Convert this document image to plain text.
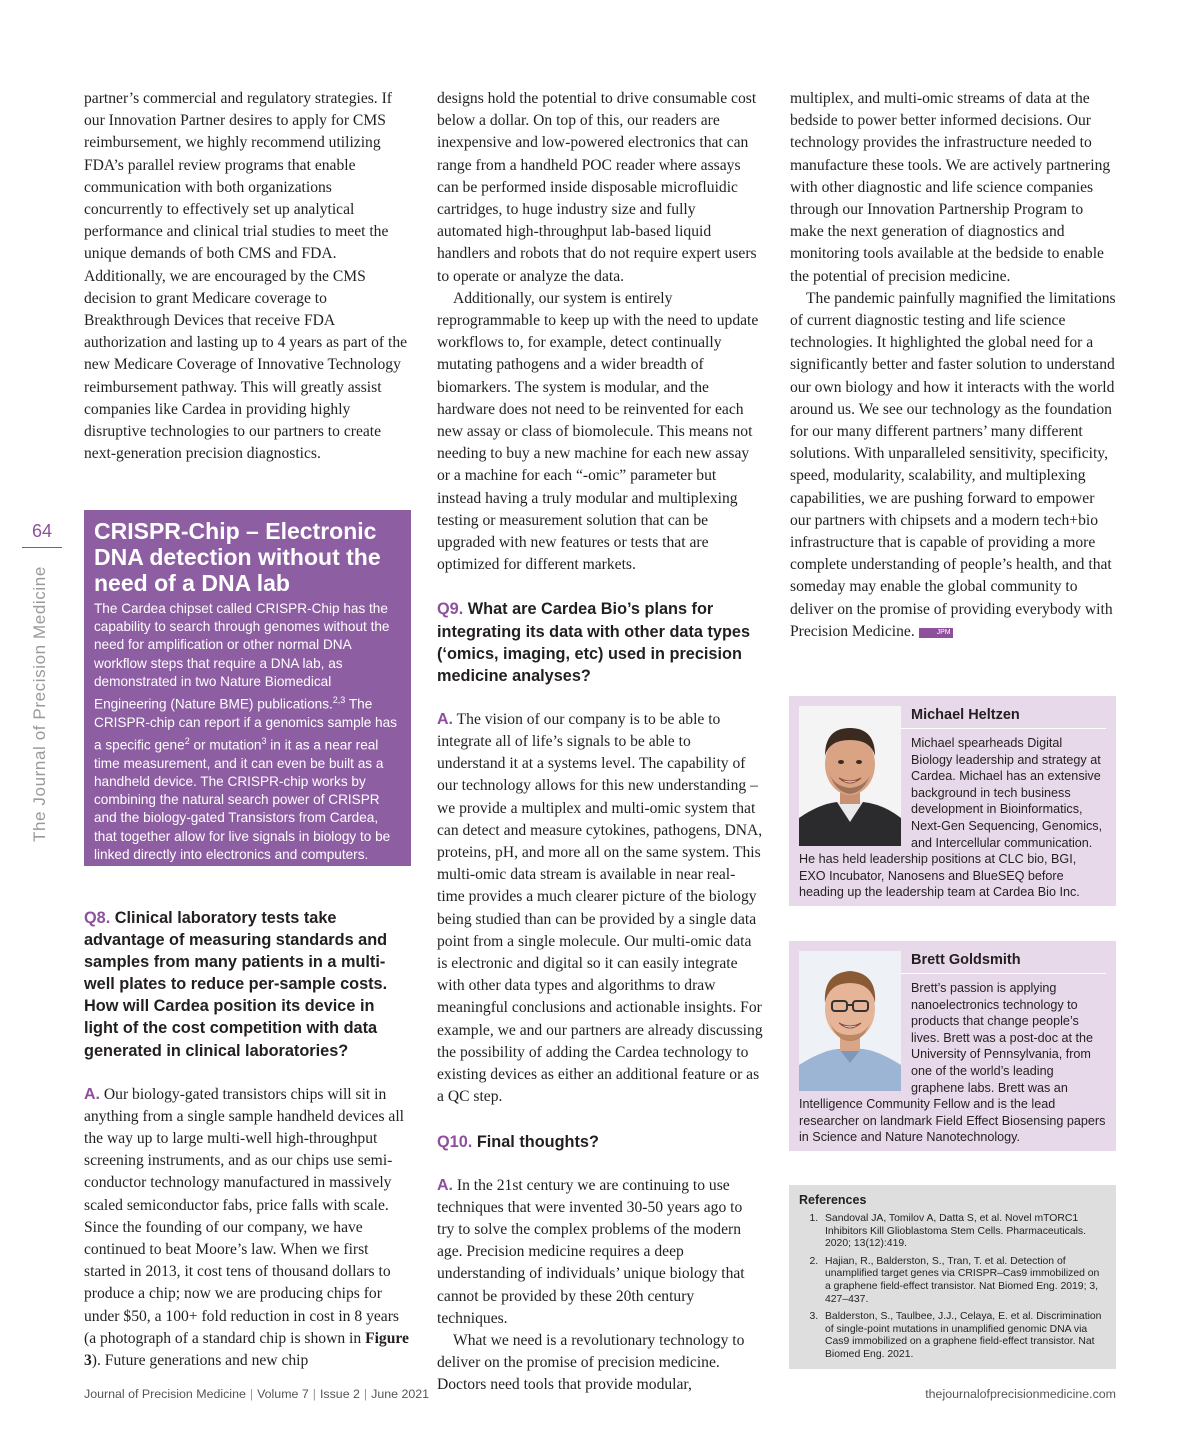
64
The Journal of Precision Medicine

partner’s commercial and regulatory strategies. If our Innovation Partner desires to apply for CMS reimbursement, we highly recommend utilizing FDA’s parallel review programs that enable communication with both organizations concurrently to effectively set up analytical performance and clinical trial studies to meet the unique demands of both CMS and FDA. Additionally, we are encouraged by the CMS decision to grant Medicare coverage to Breakthrough Devices that receive FDA authorization and lasting up to 4 years as part of the new Medicare Coverage of Innovative Technology reimbursement pathway. This will greatly assist companies like Cardea in providing highly disruptive technologies to our partners to create next-generation precision diagnostics.

CRISPR-Chip – Electronic DNA detection without the need of a DNA lab

The Cardea chipset called CRISPR-Chip has the capability to search through genomes without the need for amplification or other normal DNA workflow steps that require a DNA lab, as demonstrated in two Nature Biomedical Engineering (Nature BME) publications.$^{2,3}$ The CRISPR-chip can report if a genomics sample has a specific gene$^2$ or mutation$^3$ in it as a near real time measurement, and it can even be built as a handheld device. The CRISPR-chip works by combining the natural search power of CRISPR and the biology-gated Transistors from Cardea, that together allow for live signals in biology to be linked directly into electronics and computers.

Q8. Clinical laboratory tests take advantage of measuring standards and samples from many patients in a multi-well plates to reduce per-sample costs. How will Cardea position its device in light of the cost competition with data generated in clinical laboratories?

A. Our biology-gated transistors chips will sit in anything from a single sample handheld devices all the way up to large multi-well high-throughput screening instruments, and as our chips use semi-conductor technology manufactured in massively scaled semiconductor fabs, price falls with scale. Since the founding of our company, we have continued to beat Moore’s law. When we first started in 2013, it cost tens of thousand dollars to produce a chip; now we are producing chips for under $50, a 100+ fold reduction in cost in 8 years (a photograph of a standard chip is shown in Figure 3). Future generations and new chip

designs hold the potential to drive consumable cost below a dollar. On top of this, our readers are inexpensive and low-powered electronics that can range from a handheld POC reader where assays can be performed inside disposable microfluidic cartridges, to huge industry size and fully automated high-throughput lab-based liquid handlers and robots that do not require expert users to operate or analyze the data.

Additionally, our system is entirely reprogrammable to keep up with the need to update workflows to, for example, detect continually mutating pathogens and a wider breadth of biomarkers. The system is modular, and the hardware does not need to be reinvented for each new assay or class of biomolecule. This means not needing to buy a new machine for each new assay or a machine for each “-omic” parameter but instead having a truly modular and multiplexing testing or measurement solution that can be upgraded with new features or tests that are optimized for different markets.

Q9. What are Cardea Bio’s plans for integrating its data with other data types (‘omics, imaging, etc) used in precision medicine analyses?

A. The vision of our company is to be able to integrate all of life’s signals to be able to understand it at a systems level. The capability of our technology allows for this new understanding – we provide a multiplex and multi-omic system that can detect and measure cytokines, pathogens, DNA, proteins, pH, and more all on the same system. This multi-omic data stream is available in near real-time provides a much clearer picture of the biology being studied than can be provided by a single data point from a single molecule. Our multi-omic data is electronic and digital so it can easily integrate with other data types and algorithms to draw meaningful conclusions and actionable insights. For example, we and our partners are already discussing the possibility of adding the Cardea technology to existing devices as either an additional feature or as a QC step.

Q10. Final thoughts?

A. In the 21st century we are continuing to use techniques that were invented 30-50 years ago to try to solve the complex problems of the modern age. Precision medicine requires a deep understanding of individuals’ unique biology that cannot be provided by these 20th century techniques.

What we need is a revolutionary technology to deliver on the promise of precision medicine. Doctors need tools that provide modular,

multiplex, and multi-omic streams of data at the bedside to power better informed decisions. Our technology provides the infrastructure needed to manufacture these tools. We are actively partnering with other diagnostic and life science companies through our Innovation Partnership Program to make the next generation of diagnostics and monitoring tools available at the bedside to enable the potential of precision medicine.

The pandemic painfully magnified the limitations of current diagnostic testing and life science technologies. It highlighted the global need for a significantly better and faster solution to understand our own biology and how it interacts with the world around us. We see our technology as the foundation for our many different partners’ many different solutions. With unparalleled sensitivity, specificity, speed, modularity, scalability, and multiplexing capabilities, we are pushing forward to empower our partners with chipsets and a modern tech+bio infrastructure that is capable of providing a more complete understanding of people’s health, and that someday may enable the global community to deliver on the promise of providing everybody with Precision Medicine.	JPM

Michael Heltzen
Michael spearheads Digital Biology leadership and strategy at Cardea. Michael has an extensive background in tech business development in Bioinformatics, Next-Gen Sequencing, Genomics, and Intercellular communication. He has held leadership positions at CLC bio, BGI, EXO Incubator, Nanosens and BlueSEQ before heading up the leadership team at Cardea Bio Inc.
Brett Goldsmith
Brett’s passion is applying nanoelectronics technology to products that change people’s lives. Brett was a post-doc at the University of Pennsylvania, from one of the world’s leading graphene labs. Brett was an Intelligence Community Fellow and is the lead researcher on landmark Field Effect Biosensing papers in Science and Nature Nanotechnology.

References

1. Sandoval JA, Tomilov A, Datta S, et al. Novel mTORC1 Inhibitors Kill Glioblastoma Stem Cells. Pharmaceuticals. 2020; 13(12):419.
2. Hajian, R., Balderston, S., Tran, T. et al. Detection of unamplified target genes via CRISPR–Cas9 immobilized on a graphene field-effect transistor. Nat Biomed Eng. 2019; 3, 427–437.
3. Balderston, S., Taulbee, J.J., Celaya, E. et al. Discrimination of single-point mutations in unamplified genomic DNA via Cas9 immobilized on a graphene field-effect transistor. Nat Biomed Eng. 2021.
Journal of Precision Medicine | Volume 7 | Issue 2 | June 2021	thejournalofprecisionmedicine.com
